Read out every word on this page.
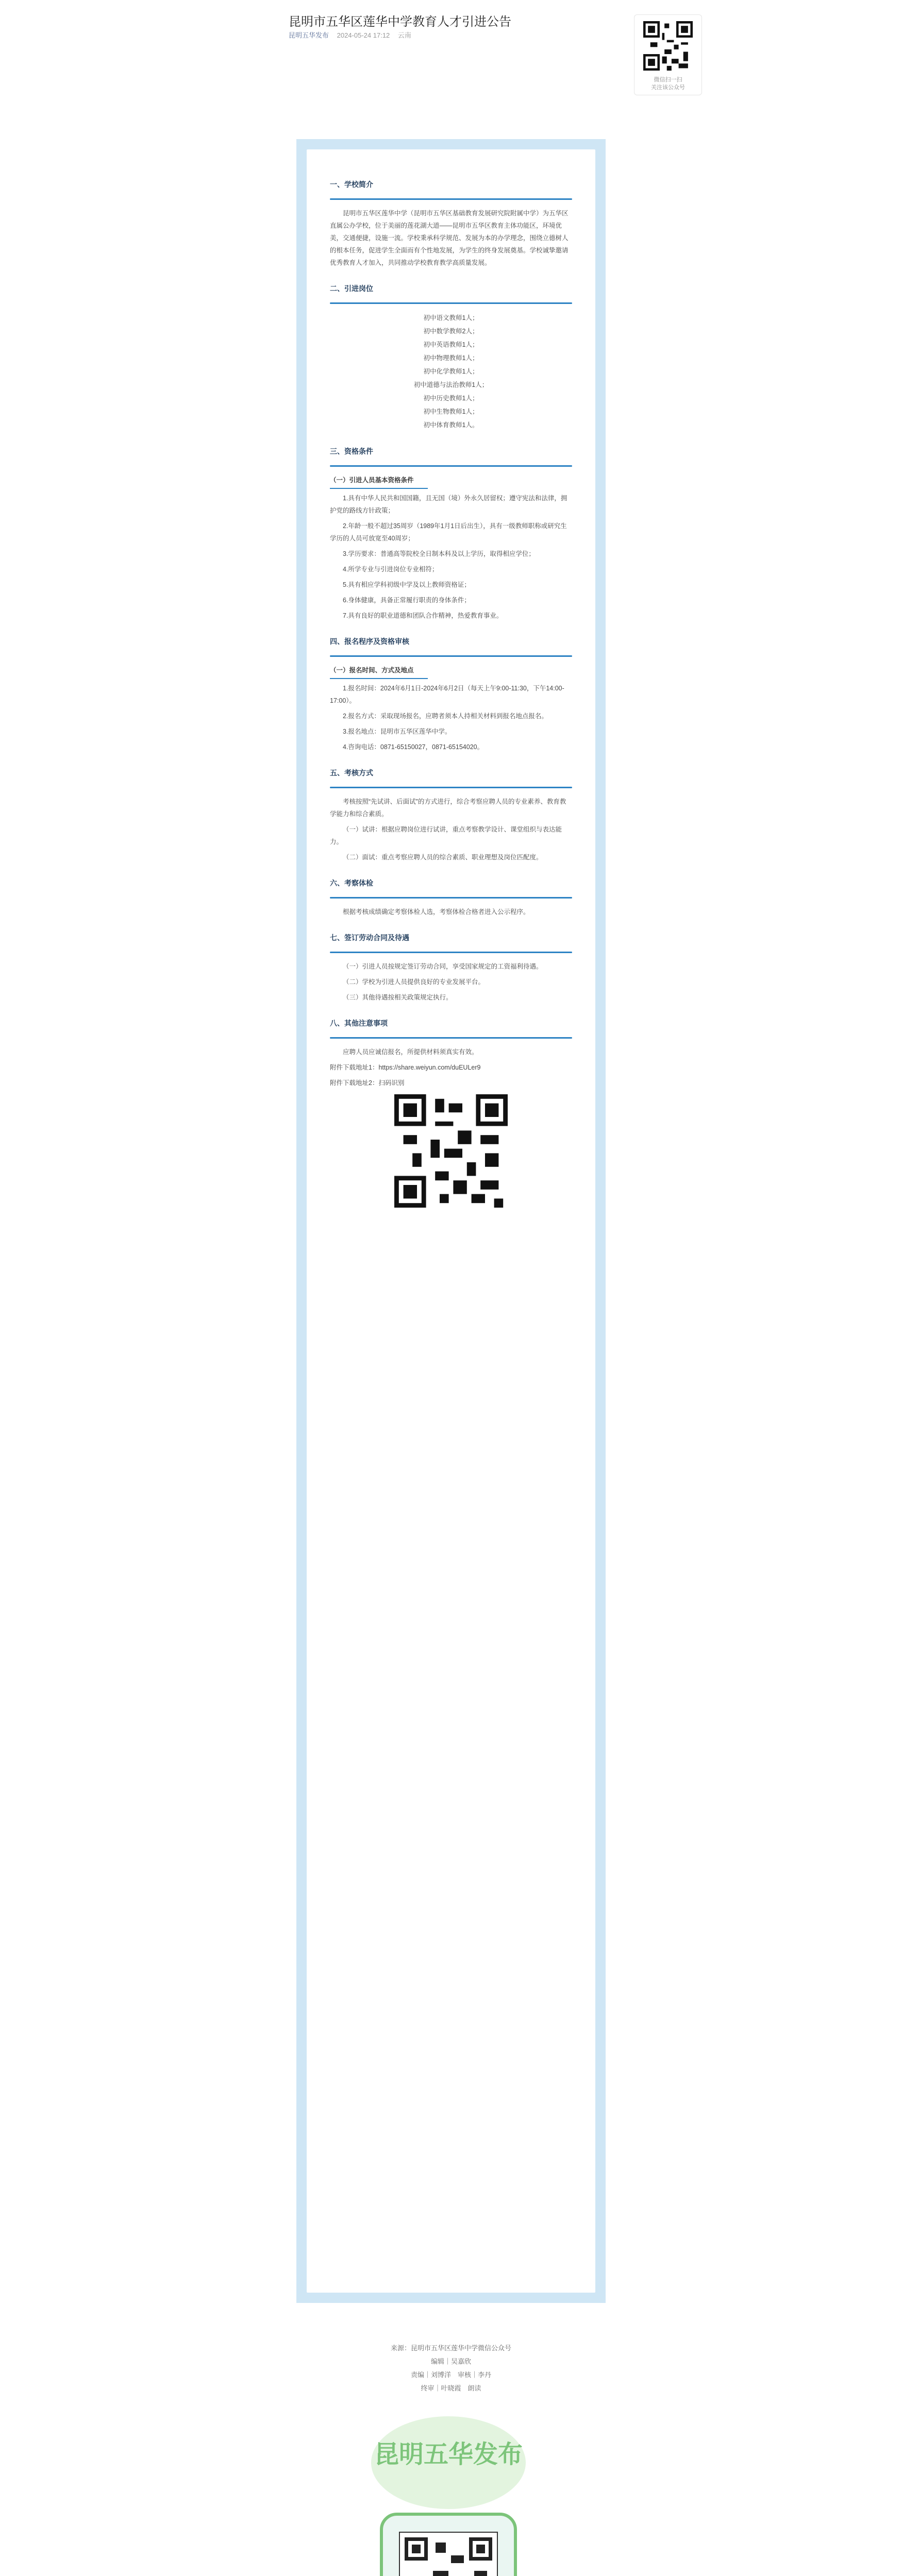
昆明市五华区莲华中学教育人才引进公告
昆明五华发布 2024-05-24 17:12 云南
微信扫一扫
关注该公众号
一、学校简介

昆明市五华区莲华中学（昆明市五华区基础教育发展研究院附属中学）为五华区直属公办学校，位于美丽的莲花湖大道——昆明市五华区教育主体功能区，环境优美，交通便捷，设施一流。学校秉承科学规范、发展为本的办学理念，围绕立德树人的根本任务，促进学生全面而有个性地发展，为学生的终身发展奠基。学校诚挚邀请优秀教育人才加入，共同推动学校教育教学高质量发展。

二、引进岗位
初中语文教师1人；
初中数学教师2人；
初中英语教师1人；
初中物理教师1人；
初中化学教师1人；
初中道德与法治教师1人；
初中历史教师1人；
初中生物教师1人；
初中体育教师1人。
三、资格条件
（一）引进人员基本资格条件

1.具有中华人民共和国国籍，且无国（境）外永久居留权；遵守宪法和法律，拥护党的路线方针政策；

2.年龄一般不超过35周岁（1989年1月1日后出生），具有一级教师职称或研究生学历的人员可放宽至40周岁；

3.学历要求：普通高等院校全日制本科及以上学历，取得相应学位；

4.所学专业与引进岗位专业相符；

5.具有相应学科初级中学及以上教师资格证；

6.身体健康，具备正常履行职责的身体条件；

7.具有良好的职业道德和团队合作精神，热爱教育事业。

四、报名程序及资格审核
（一）报名时间、方式及地点

1.报名时间：2024年6月1日-2024年6月2日（每天上午9:00-11:30，下午14:00-17:00）。

2.报名方式：采取现场报名，应聘者须本人持相关材料到报名地点报名。

3.报名地点：昆明市五华区莲华中学。

4.咨询电话：0871-65150027，0871-65154020。

五、考核方式

考核按照“先试讲、后面试”的方式进行，综合考察应聘人员的专业素养、教育教学能力和综合素质。

（一）试讲：根据应聘岗位进行试讲，重点考察教学设计、课堂组织与表达能力。

（二）面试：重点考察应聘人员的综合素质、职业理想及岗位匹配度。

六、考察体检

根据考核成绩确定考察体检人选，考察体检合格者进入公示程序。

七、签订劳动合同及待遇

（一）引进人员按规定签订劳动合同，享受国家规定的工资福利待遇。

（二）学校为引进人员提供良好的专业发展平台。

（三）其他待遇按相关政策规定执行。

八、其他注意事项

应聘人员应诚信报名，所提供材料须真实有效。

附件下载地址1：https://share.weiyun.com/duEULer9

附件下载地址2：扫码识别

来源：昆明市五华区莲华中学微信公众号
编辑｜吴嘉欣
责编｜刘博洋　审核｜李丹
终审｜叶晓霞　朗读
昆明五华发布
